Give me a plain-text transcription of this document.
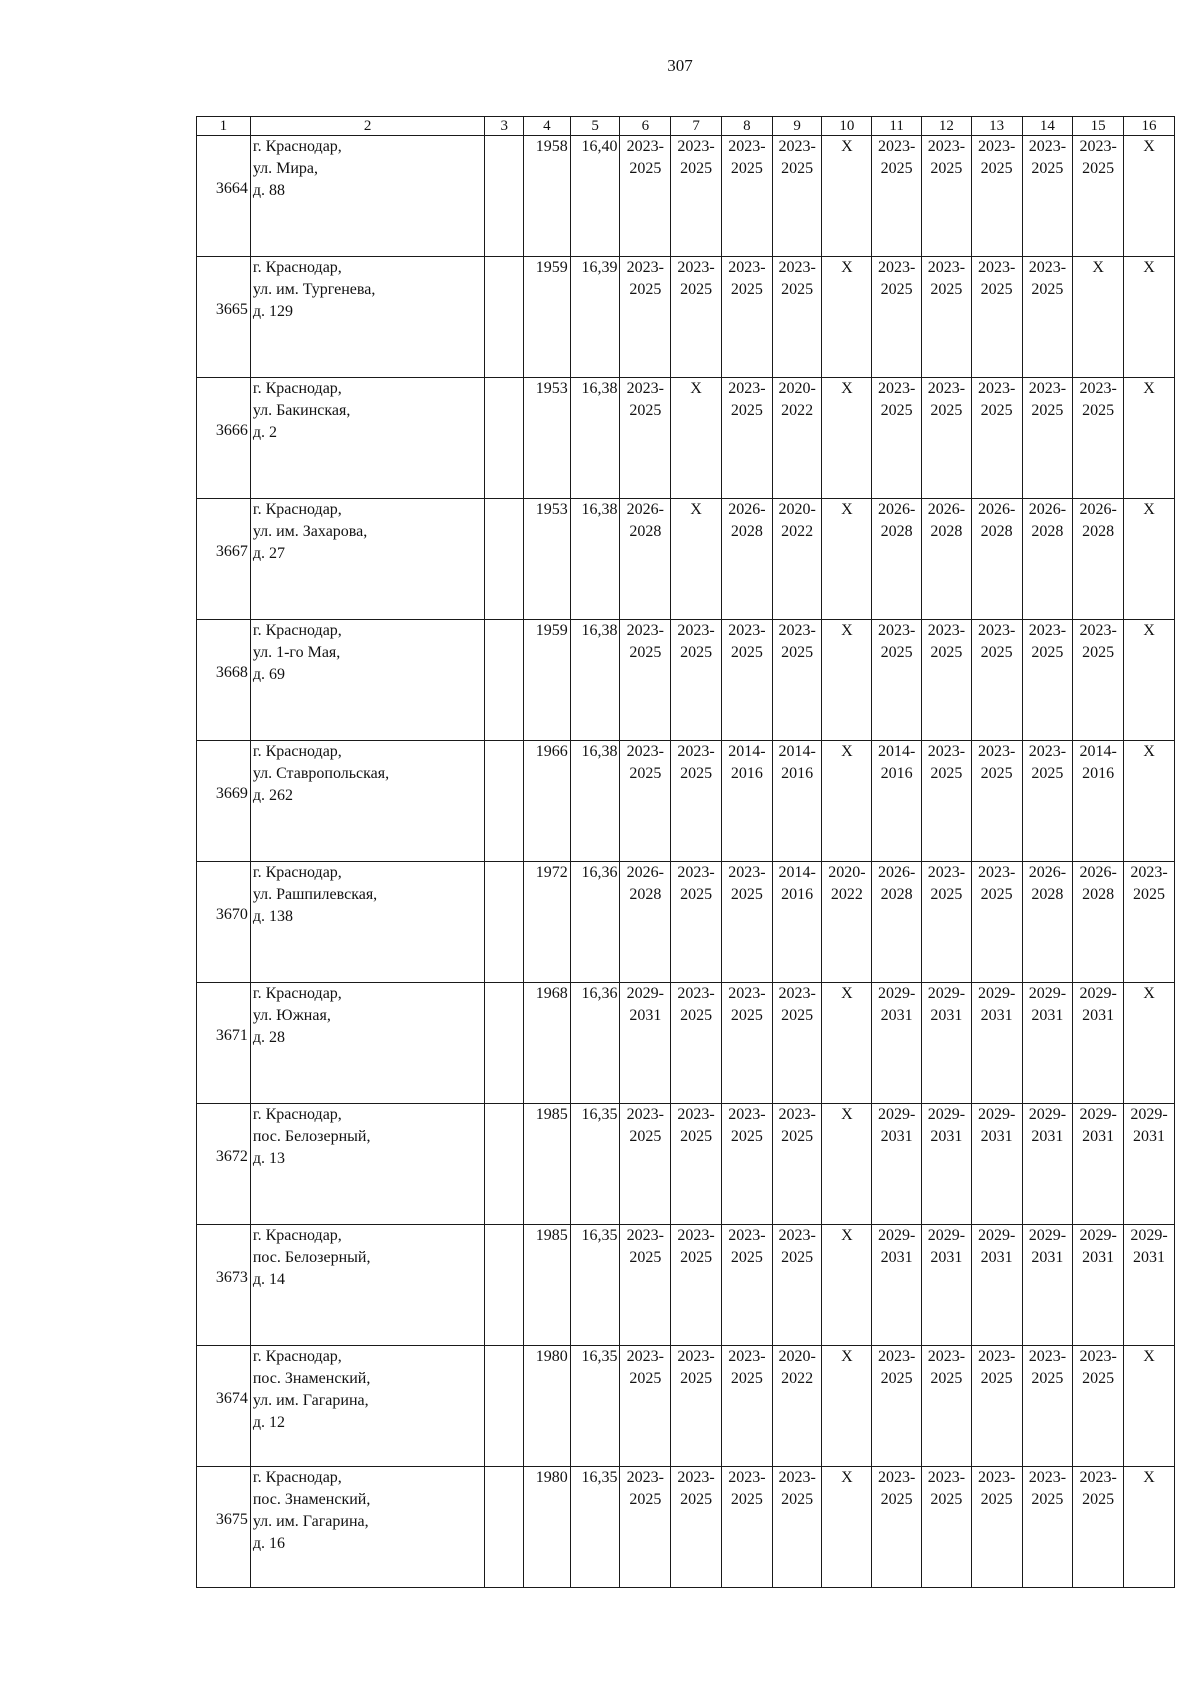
307
1	2	3	4	5	6	7	8	9	10	11	12	13	14	15	16
3664	г. Краснодар,
ул. Мира,
д. 88		1958	16,40	2023-
2025	2023-
2025	2023-
2025	2023-
2025	X	2023-
2025	2023-
2025	2023-
2025	2023-
2025	2023-
2025	X

3665	г. Краснодар,
ул. им. Тургенева,
д. 129		1959	16,39	2023-
2025	2023-
2025	2023-
2025	2023-
2025	X	2023-
2025	2023-
2025	2023-
2025	2023-
2025	X	X

3666	г. Краснодар,
ул. Бакинская,
д. 2		1953	16,38	2023-
2025	X	2023-
2025	2020-
2022	X	2023-
2025	2023-
2025	2023-
2025	2023-
2025	2023-
2025	X

3667	г. Краснодар,
ул. им. Захарова,
д. 27		1953	16,38	2026-
2028	X	2026-
2028	2020-
2022	X	2026-
2028	2026-
2028	2026-
2028	2026-
2028	2026-
2028	X

3668	г. Краснодар,
ул. 1-го Мая,
д. 69		1959	16,38	2023-
2025	2023-
2025	2023-
2025	2023-
2025	X	2023-
2025	2023-
2025	2023-
2025	2023-
2025	2023-
2025	X

3669	г. Краснодар,
ул. Ставропольская,
д. 262		1966	16,38	2023-
2025	2023-
2025	2014-
2016	2014-
2016	X	2014-
2016	2023-
2025	2023-
2025	2023-
2025	2014-
2016	X

3670	г. Краснодар,
ул. Рашпилевская,
д. 138		1972	16,36	2026-
2028	2023-
2025	2023-
2025	2014-
2016	2020-
2022	2026-
2028	2023-
2025	2023-
2025	2026-
2028	2026-
2028	2023-
2025

3671	г. Краснодар,
ул. Южная,
д. 28		1968	16,36	2029-
2031	2023-
2025	2023-
2025	2023-
2025	X	2029-
2031	2029-
2031	2029-
2031	2029-
2031	2029-
2031	X

3672	г. Краснодар,
пос. Белозерный,
д. 13		1985	16,35	2023-
2025	2023-
2025	2023-
2025	2023-
2025	X	2029-
2031	2029-
2031	2029-
2031	2029-
2031	2029-
2031	2029-
2031

3673	г. Краснодар,
пос. Белозерный,
д. 14		1985	16,35	2023-
2025	2023-
2025	2023-
2025	2023-
2025	X	2029-
2031	2029-
2031	2029-
2031	2029-
2031	2029-
2031	2029-
2031

3674	г. Краснодар,
пос. Знаменский,
ул. им. Гагарина,
д. 12		1980	16,35	2023-
2025	2023-
2025	2023-
2025	2020-
2022	X	2023-
2025	2023-
2025	2023-
2025	2023-
2025	2023-
2025	X

3675	г. Краснодар,
пос. Знаменский,
ул. им. Гагарина,
д. 16		1980	16,35	2023-
2025	2023-
2025	2023-
2025	2023-
2025	X	2023-
2025	2023-
2025	2023-
2025	2023-
2025	2023-
2025	X
